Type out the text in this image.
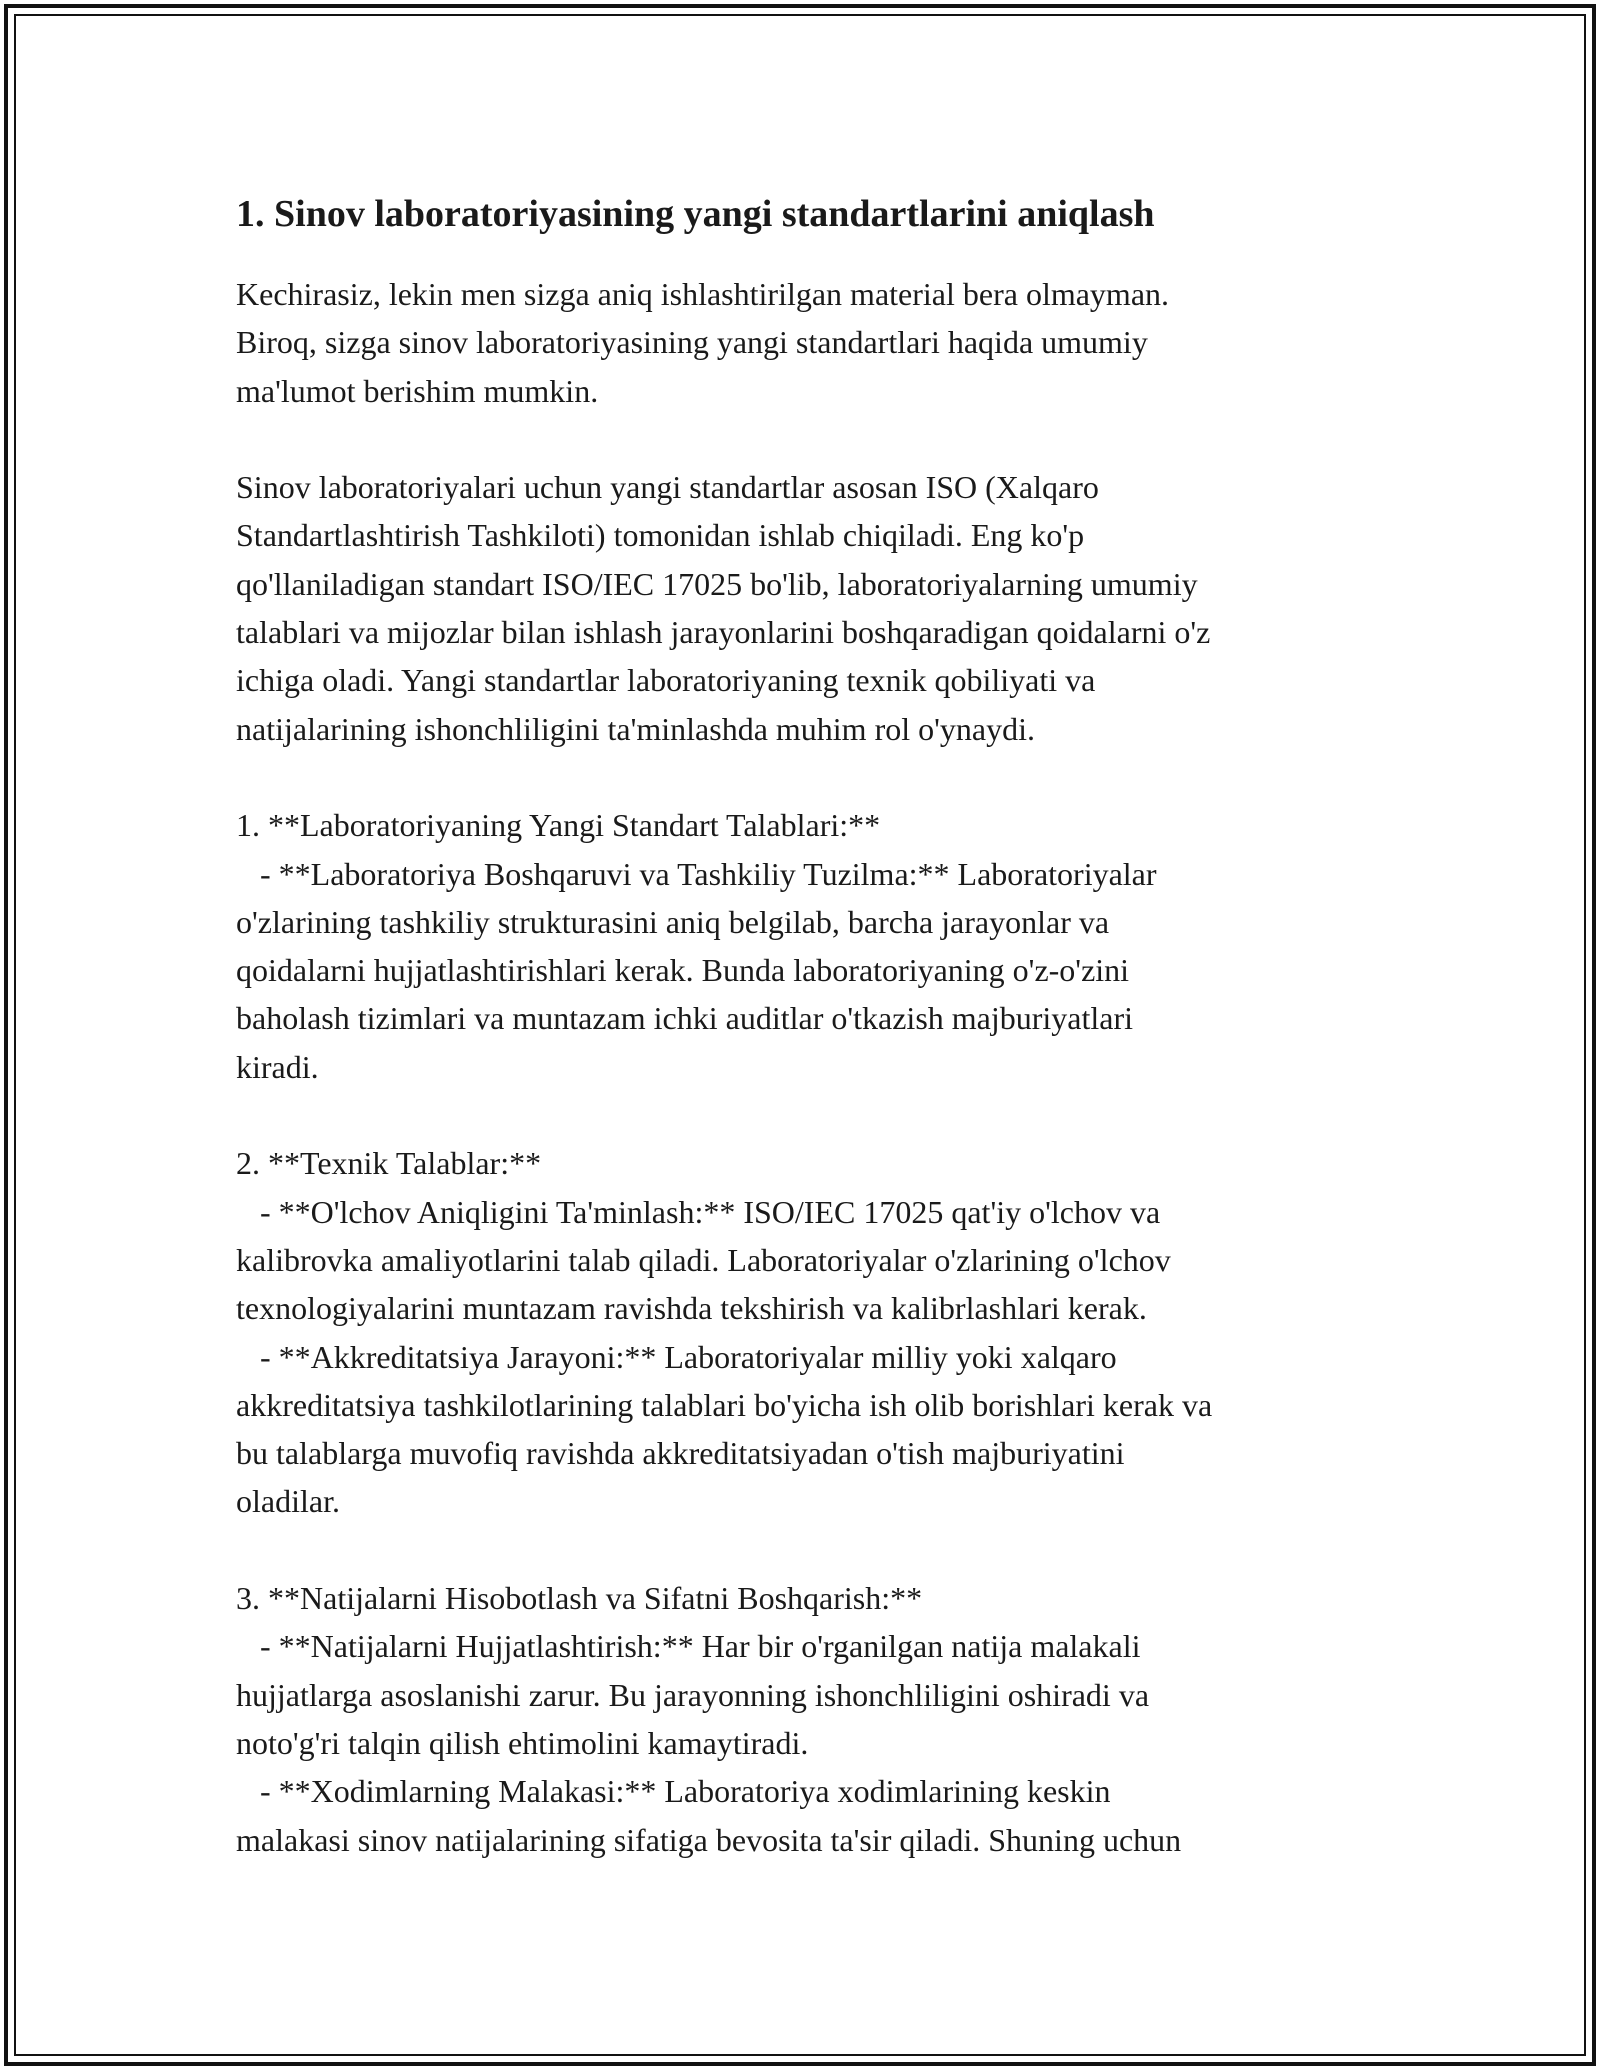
1. Sinov laboratoriyasining yangi standartlarini aniqlash

Kechirasiz, lekin men sizga aniq ishlashtirilgan material bera olmayman.
Biroq, sizga sinov laboratoriyasining yangi standartlari haqida umumiy
ma'lumot berishim mumkin.

Sinov laboratoriyalari uchun yangi standartlar asosan ISO (Xalqaro
Standartlashtirish Tashkiloti) tomonidan ishlab chiqiladi. Eng ko'p
qo'llaniladigan standart ISO/IEC 17025 bo'lib, laboratoriyalarning umumiy
talablari va mijozlar bilan ishlash jarayonlarini boshqaradigan qoidalarni o'z
ichiga oladi. Yangi standartlar laboratoriyaning texnik qobiliyati va
natijalarining ishonchliligini ta'minlashda muhim rol o'ynaydi.

1. **Laboratoriyaning Yangi Standart Talablari:**
- **Laboratoriya Boshqaruvi va Tashkiliy Tuzilma:** Laboratoriyalar
o'zlarining tashkiliy strukturasini aniq belgilab, barcha jarayonlar va
qoidalarni hujjatlashtirishlari kerak. Bunda laboratoriyaning o'z-o'zini
baholash tizimlari va muntazam ichki auditlar o'tkazish majburiyatlari
kiradi.

2. **Texnik Talablar:**
- **O'lchov Aniqligini Ta'minlash:** ISO/IEC 17025 qat'iy o'lchov va
kalibrovka amaliyotlarini talab qiladi. Laboratoriyalar o'zlarining o'lchov
texnologiyalarini muntazam ravishda tekshirish va kalibrlashlari kerak.
- **Akkreditatsiya Jarayoni:** Laboratoriyalar milliy yoki xalqaro
akkreditatsiya tashkilotlarining talablari bo'yicha ish olib borishlari kerak va
bu talablarga muvofiq ravishda akkreditatsiyadan o'tish majburiyatini
oladilar.

3. **Natijalarni Hisobotlash va Sifatni Boshqarish:**
- **Natijalarni Hujjatlashtirish:** Har bir o'rganilgan natija malakali
hujjatlarga asoslanishi zarur. Bu jarayonning ishonchliligini oshiradi va
noto'g'ri talqin qilish ehtimolini kamaytiradi.
- **Xodimlarning Malakasi:** Laboratoriya xodimlarining keskin
malakasi sinov natijalarining sifatiga bevosita ta'sir qiladi. Shuning uchun
